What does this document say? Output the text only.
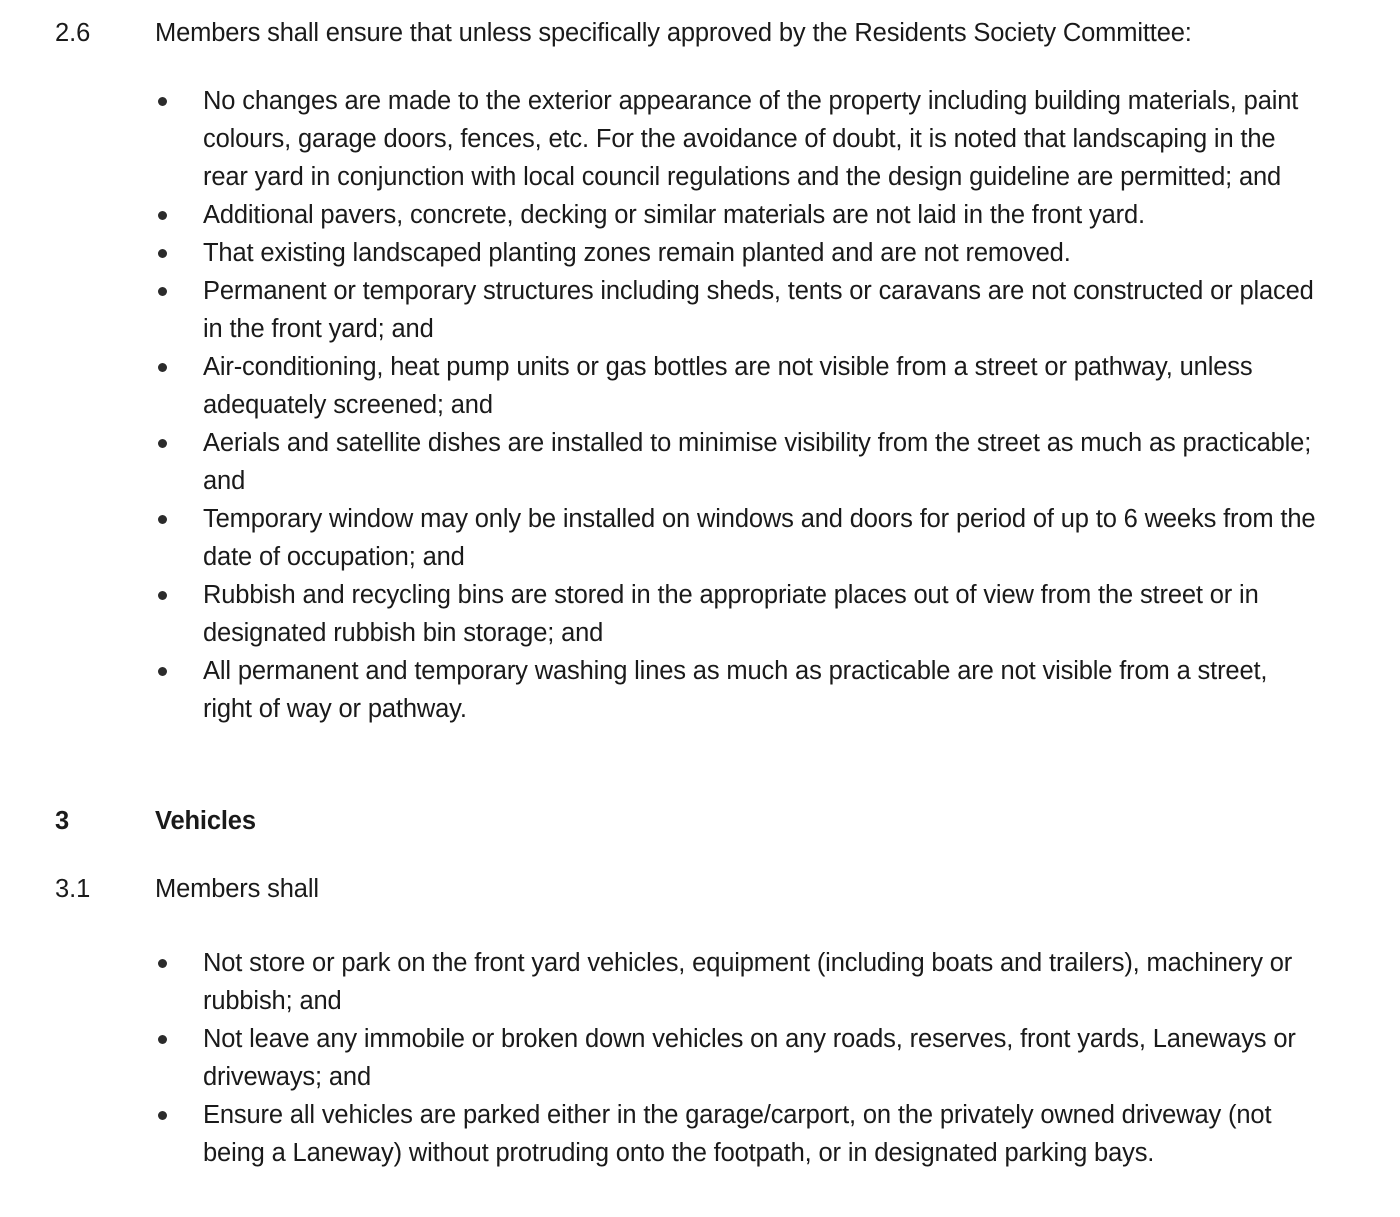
2.6	Members shall ensure that unless specifically approved by the Residents Society Committee:
No changes are made to the exterior appearance of the property including building materials, paint colours, garage doors, fences, etc. For the avoidance of doubt, it is noted that landscaping in the rear yard in conjunction with local council regulations and the design guideline are permitted; and
Additional pavers, concrete, decking or similar materials are not laid in the front yard.
That existing landscaped planting zones remain planted and are not removed.
Permanent or temporary structures including sheds, tents or caravans are not constructed or placed in the front yard; and
Air-conditioning, heat pump units or gas bottles are not visible from a street or pathway, unless adequately screened; and
Aerials and satellite dishes are installed to minimise visibility from the street as much as practicable; and
Temporary window may only be installed on windows and doors for period of up to 6 weeks from the date of occupation; and
Rubbish and recycling bins are stored in the appropriate places out of view from the street or in designated rubbish bin storage; and
All permanent and temporary washing lines as much as practicable are not visible from a street, right of way or pathway.
3	Vehicles
3.1	Members shall
Not store or park on the front yard vehicles, equipment (including boats and trailers), machinery or rubbish; and
Not leave any immobile or broken down vehicles on any roads, reserves, front yards, Laneways or driveways; and
Ensure all vehicles are parked either in the garage/carport, on the privately owned driveway (not being a Laneway) without protruding onto the footpath, or in designated parking bays.
